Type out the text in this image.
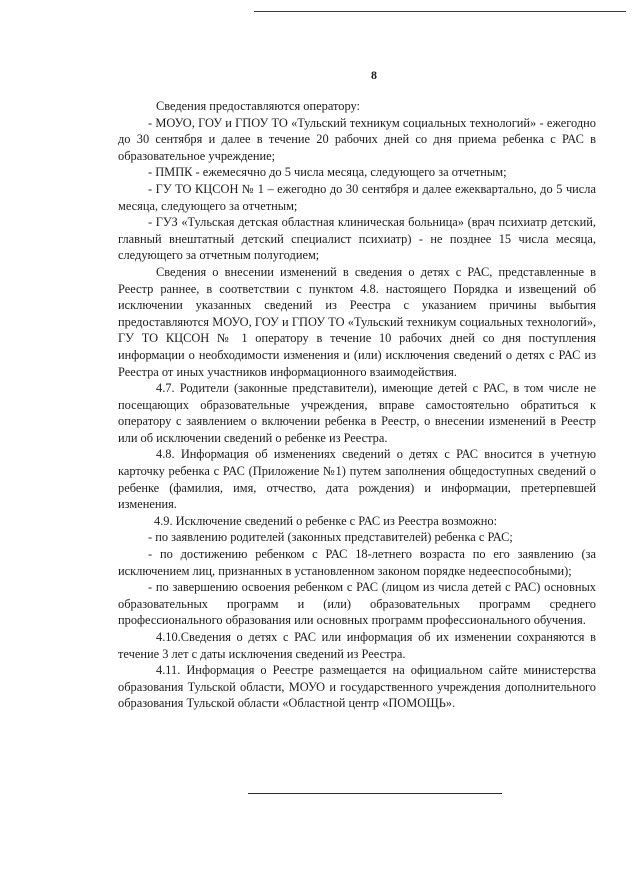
8

Сведения предоставляются оператору:

- МОУО, ГОУ и ГПОУ ТО «Тульский техникум социальных технологий» - ежегодно до 30 сентября и далее в течение 20 рабочих дней со дня приема ребенка с РАС в образовательное учреждение;

- ПМПК - ежемесячно до 5 числа месяца, следующего за отчетным;

- ГУ ТО КЦСОН № 1 – ежегодно до 30 сентября и далее ежеквартально, до 5 числа месяца, следующего за отчетным;

- ГУЗ «Тульская детская областная клиническая больница» (врач психиатр детский, главный внештатный детский специалист психиатр) - не позднее 15 числа месяца, следующего за отчетным полугодием;

Сведения о внесении изменений в сведения о детях с РАС, представленные в Реестр раннее, в соответствии с пунктом 4.8. настоящего Порядка и извещений об исключении указанных сведений из Реестра с указанием причины выбытия предоставляются МОУО, ГОУ и ГПОУ ТО «Тульский техникум социальных технологий», ГУ ТО КЦСОН № 1 оператору в течение 10 рабочих дней со дня поступления информации о необходимости изменения и (или) исключения сведений о детях с РАС из Реестра от иных участников информационного взаимодействия.

4.7. Родители (законные представители), имеющие детей с РАС, в том числе не посещающих образовательные учреждения, вправе самостоятельно обратиться к оператору с заявлением о включении ребенка в Реестр, о внесении изменений в Реестр или об исключении сведений о ребенке из Реестра.

4.8. Информация об изменениях сведений о детях с РАС вносится в учетную карточку ребенка с РАС (Приложение №1) путем заполнения общедоступных сведений о ребенке (фамилия, имя, отчество, дата рождения) и информации, претерпевшей изменения.

4.9. Исключение сведений о ребенке с РАС из Реестра возможно:

- по заявлению родителей (законных представителей) ребенка с РАС;

- по достижению ребенком с РАС 18-летнего возраста по его заявлению (за исключением лиц, признанных в установленном законом порядке недееспособными);

- по завершению освоения ребенком с РАС (лицом из числа детей с РАС) основных образовательных программ и (или) образовательных программ среднего профессионального образования или основных программ профессионального обучения.

4.10.Сведения о детях с РАС или информация об их изменении сохраняются в течение 3 лет с даты исключения сведений из Реестра.

4.11. Информация о Реестре размещается на официальном сайте министерства образования Тульской области, МОУО и государственного учреждения дополнительного образования Тульской области «Областной центр «ПОМОЩЬ».
